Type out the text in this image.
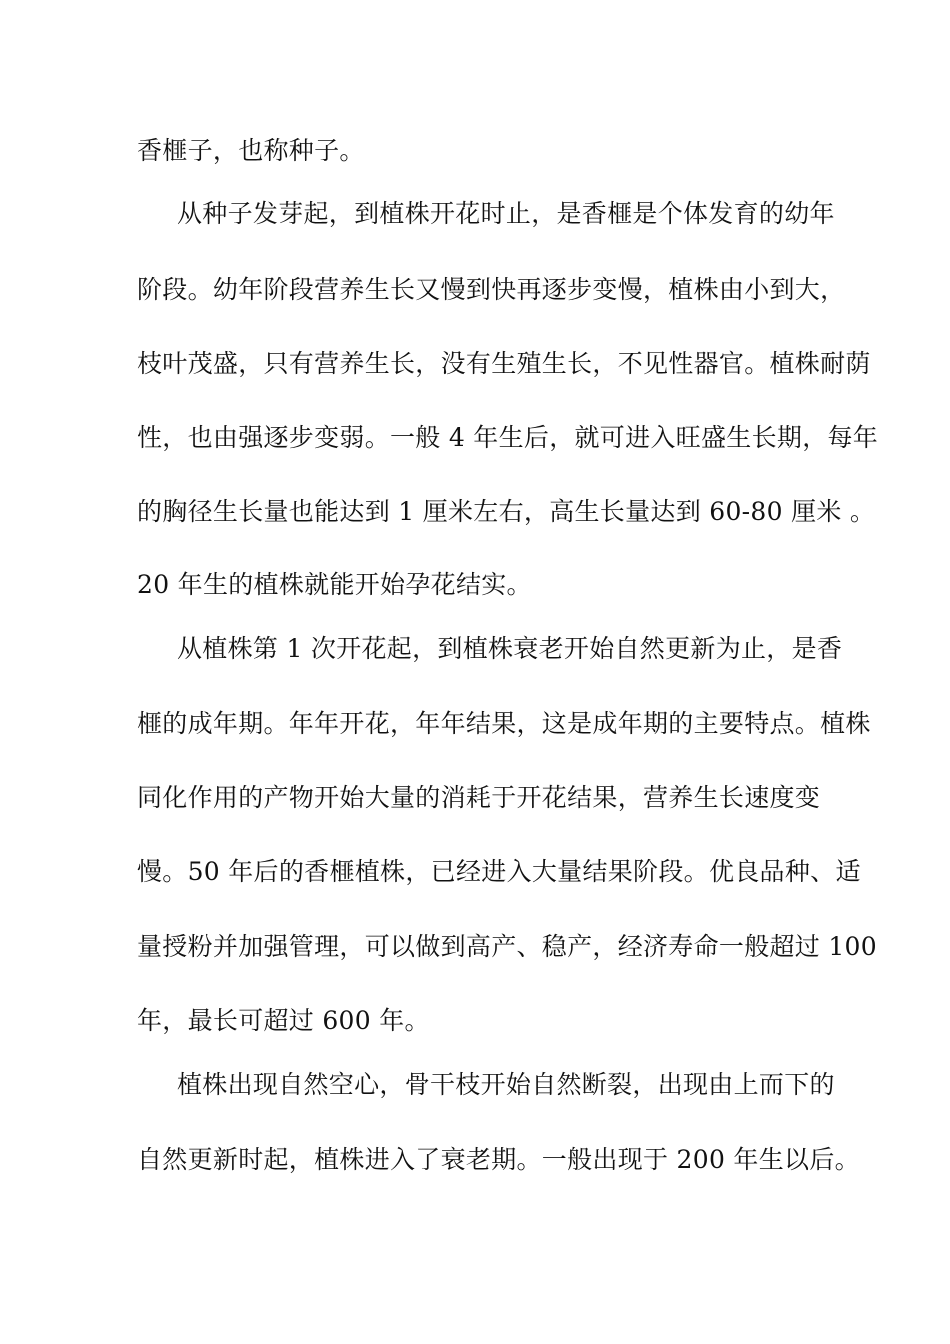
香榧子，也称种子。
从种子发芽起，到植株开花时止，是香榧是个体发育的幼年
阶段。幼年阶段营养生长又慢到快再逐步变慢，植株由小到大，
枝叶茂盛，只有营养生长，没有生殖生长，不见性器官。植株耐荫
性，也由强逐步变弱。一般 4 年生后，就可进入旺盛生长期，每年
的胸径生长量也能达到 1 厘米左右，高生长量达到 60-80 厘米 。
20 年生的植株就能开始孕花结实。
从植株第 1 次开花起，到植株衰老开始自然更新为止，是香
榧的成年期。年年开花，年年结果，这是成年期的主要特点。植株
同化作用的产物开始大量的消耗于开花结果，营养生长速度变
慢。50 年后的香榧植株，已经进入大量结果阶段。优良品种、适
量授粉并加强管理，可以做到高产、稳产，经济寿命一般超过 100
年，最长可超过 600 年。
植株出现自然空心，骨干枝开始自然断裂，出现由上而下的
自然更新时起，植株进入了衰老期。一般出现于 200 年生以后。
